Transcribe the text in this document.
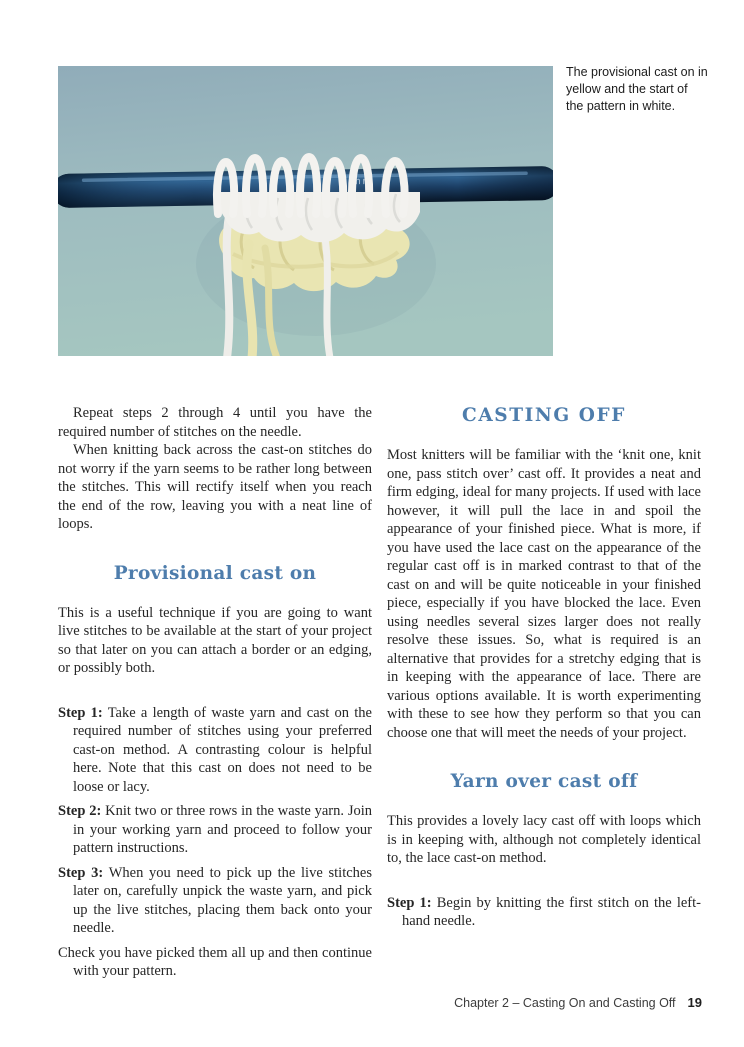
4 mm
The provisional cast on in yellow and the start of the pattern in white.

Repeat steps 2 through 4 until you have the required number of stitches on the needle.

When knitting back across the cast-on stitches do not worry if the yarn seems to be rather long between the stitches. This will rectify itself when you reach the end of the row, leaving you with a neat line of loops.

Provisional cast on

This is a useful technique if you are going to want live stitches to be available at the start of your project so that later on you can attach a border or an edging, or possibly both.

Step 1: Take a length of waste yarn and cast on the required number of stitches using your preferred cast-on method. A contrasting colour is helpful here. Note that this cast on does not need to be loose or lacy.

Step 2: Knit two or three rows in the waste yarn. Join in your working yarn and proceed to follow your pattern instructions.

Step 3: When you need to pick up the live stitches later on, carefully unpick the waste yarn, and pick up the live stitches, placing them back onto your needle.

Check you have picked them all up and then continue with your pattern.

CASTING OFF

Most knitters will be familiar with the ‘knit one, knit one, pass stitch over’ cast off. It provides a neat and firm edging, ideal for many projects. If used with lace however, it will pull the lace in and spoil the appearance of your finished piece. What is more, if you have used the lace cast on the appearance of the regular cast off is in marked contrast to that of the cast on and will be quite noticeable in your finished piece, especially if you have blocked the lace. Even using needles several sizes larger does not really resolve these issues. So, what is required is an alternative that provides for a stretchy edging that is in keeping with the appearance of lace. There are various options available. It is worth experimenting with these to see how they perform so that you can choose one that will meet the needs of your project.

Yarn over cast off

This provides a lovely lacy cast off with loops which is in keeping with, although not completely identical to, the lace cast-on method.

Step 1: Begin by knitting the first stitch on the left-hand needle.

Chapter 2 – Casting On and Casting Off 19
